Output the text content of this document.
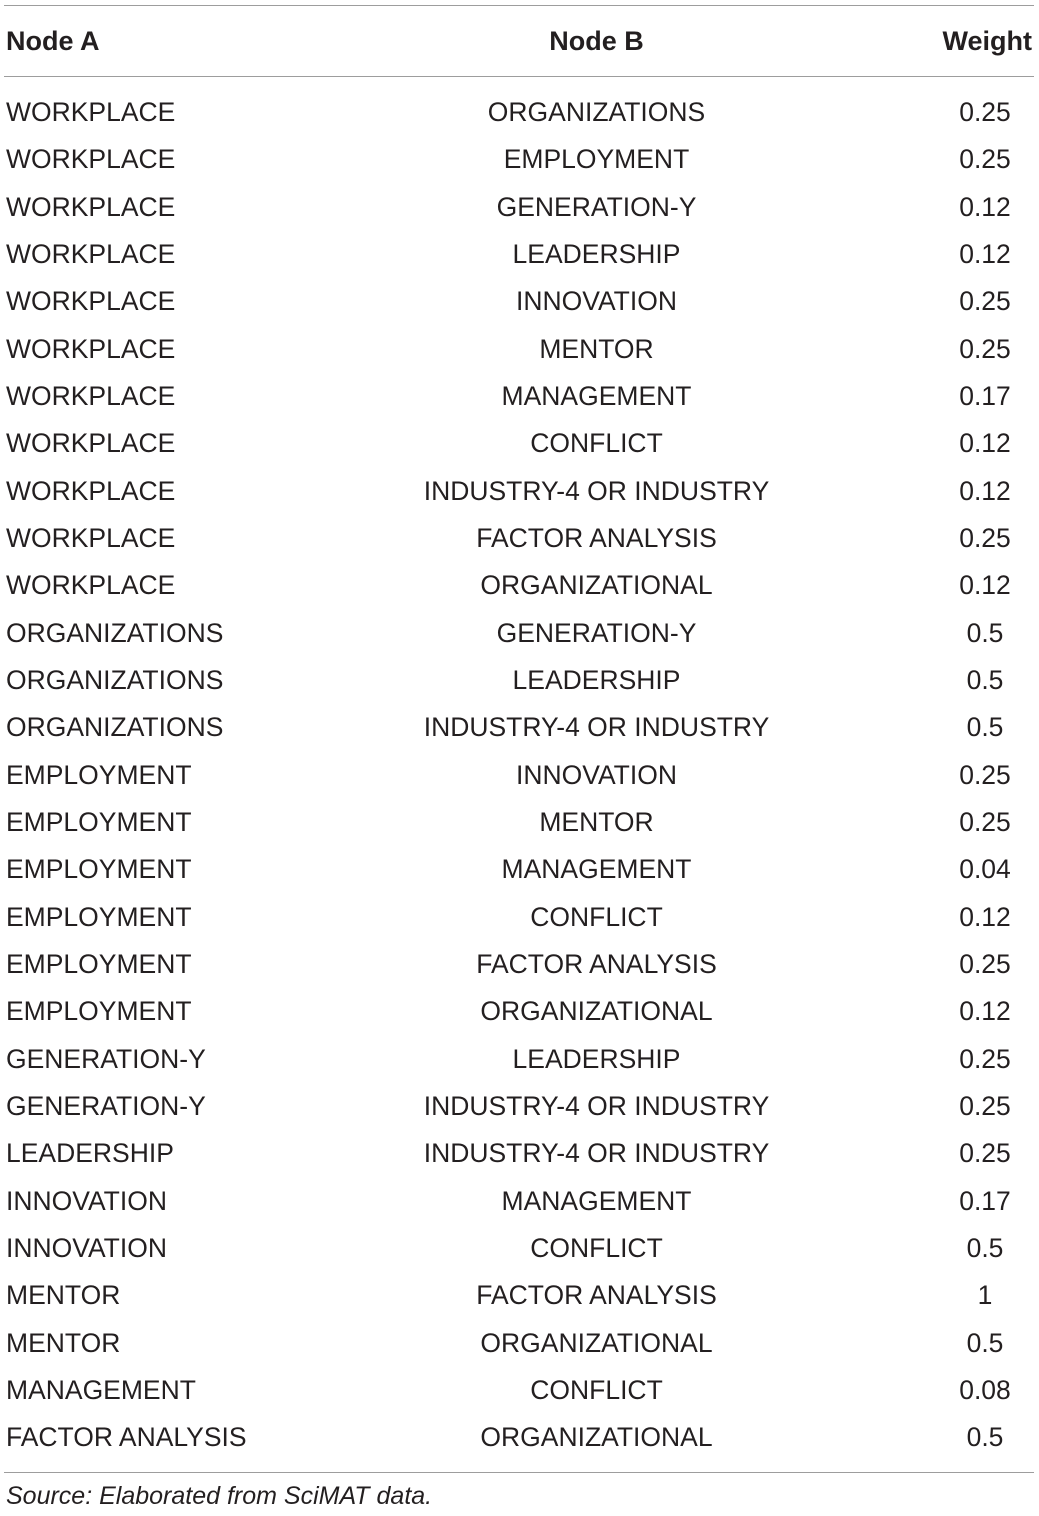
Node A	Node B	Weight
WORKPLACE	ORGANIZATIONS	0.25
WORKPLACE	EMPLOYMENT	0.25
WORKPLACE	GENERATION-Y	0.12
WORKPLACE	LEADERSHIP	0.12
WORKPLACE	INNOVATION	0.25
WORKPLACE	MENTOR	0.25
WORKPLACE	MANAGEMENT	0.17
WORKPLACE	CONFLICT	0.12
WORKPLACE	INDUSTRY-4 OR INDUSTRY	0.12
WORKPLACE	FACTOR ANALYSIS	0.25
WORKPLACE	ORGANIZATIONAL	0.12
ORGANIZATIONS	GENERATION-Y	0.5
ORGANIZATIONS	LEADERSHIP	0.5
ORGANIZATIONS	INDUSTRY-4 OR INDUSTRY	0.5
EMPLOYMENT	INNOVATION	0.25
EMPLOYMENT	MENTOR	0.25
EMPLOYMENT	MANAGEMENT	0.04
EMPLOYMENT	CONFLICT	0.12
EMPLOYMENT	FACTOR ANALYSIS	0.25
EMPLOYMENT	ORGANIZATIONAL	0.12
GENERATION-Y	LEADERSHIP	0.25
GENERATION-Y	INDUSTRY-4 OR INDUSTRY	0.25
LEADERSHIP	INDUSTRY-4 OR INDUSTRY	0.25
INNOVATION	MANAGEMENT	0.17
INNOVATION	CONFLICT	0.5
MENTOR	FACTOR ANALYSIS	1
MENTOR	ORGANIZATIONAL	0.5
MANAGEMENT	CONFLICT	0.08
FACTOR ANALYSIS	ORGANIZATIONAL	0.5
Source: Elaborated from SciMAT data.
